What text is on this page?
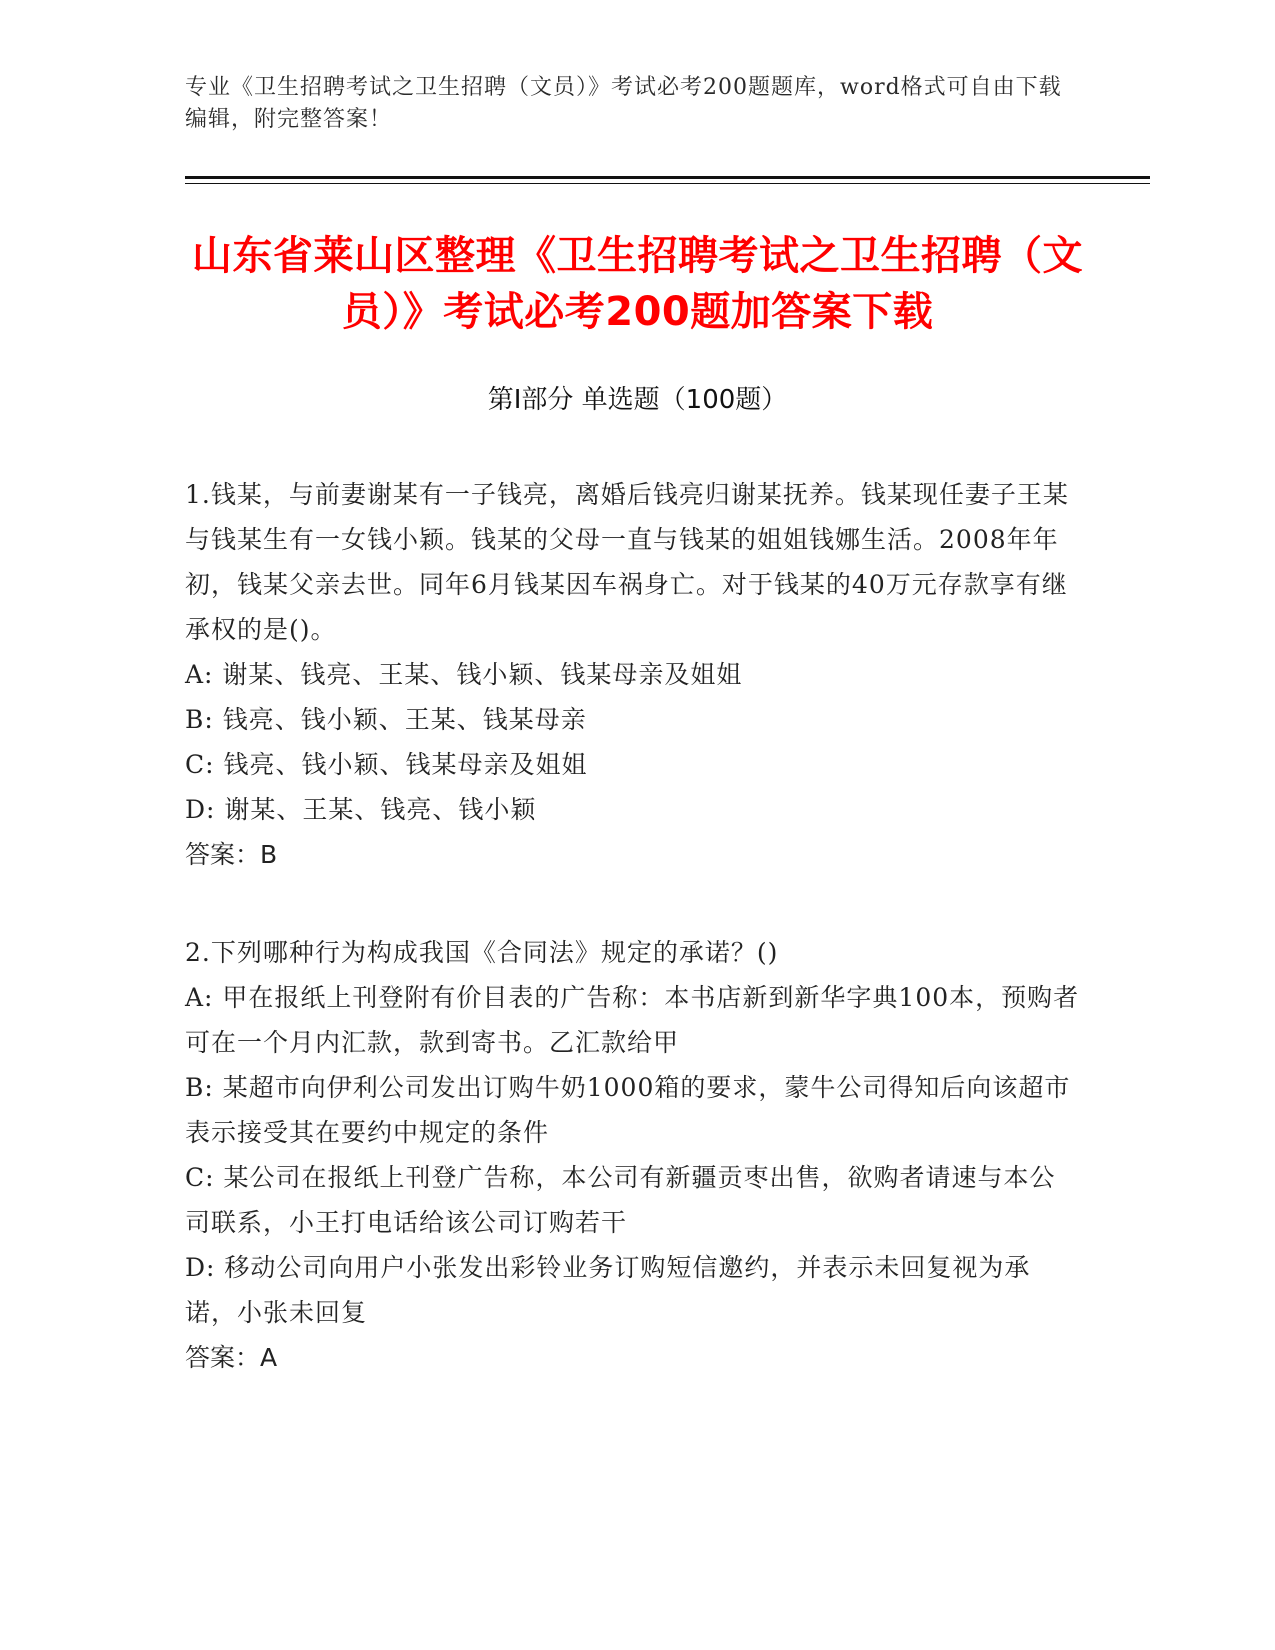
专业《卫生招聘考试之卫生招聘（文员）》考试必考200题题库，word格式可自由下载编辑，附完整答案！
山东省莱山区整理《卫生招聘考试之卫生招聘（文员）》考试必考200题加答案下载
第Ⅰ部分 单选题（100题）

1.钱某，与前妻谢某有一子钱亮，离婚后钱亮归谢某抚养。钱某现任妻子王某与钱某生有一女钱小颖。钱某的父母一直与钱某的姐姐钱娜生活。2008年年初，钱某父亲去世。同年6月钱某因车祸身亡。对于钱某的40万元存款享有继承权的是()。

A: 谢某、钱亮、王某、钱小颖、钱某母亲及姐姐

B: 钱亮、钱小颖、王某、钱某母亲

C: 钱亮、钱小颖、钱某母亲及姐姐

D: 谢某、王某、钱亮、钱小颖

答案：B

2.下列哪种行为构成我国《合同法》规定的承诺？()

A: 甲在报纸上刊登附有价目表的广告称：本书店新到新华字典100本，预购者可在一个月内汇款，款到寄书。乙汇款给甲

B: 某超市向伊利公司发出订购牛奶1000箱的要求，蒙牛公司得知后向该超市表示接受其在要约中规定的条件

C: 某公司在报纸上刊登广告称，本公司有新疆贡枣出售，欲购者请速与本公司联系，小王打电话给该公司订购若干

D: 移动公司向用户小张发出彩铃业务订购短信邀约，并表示未回复视为承诺，小张未回复

答案：A
